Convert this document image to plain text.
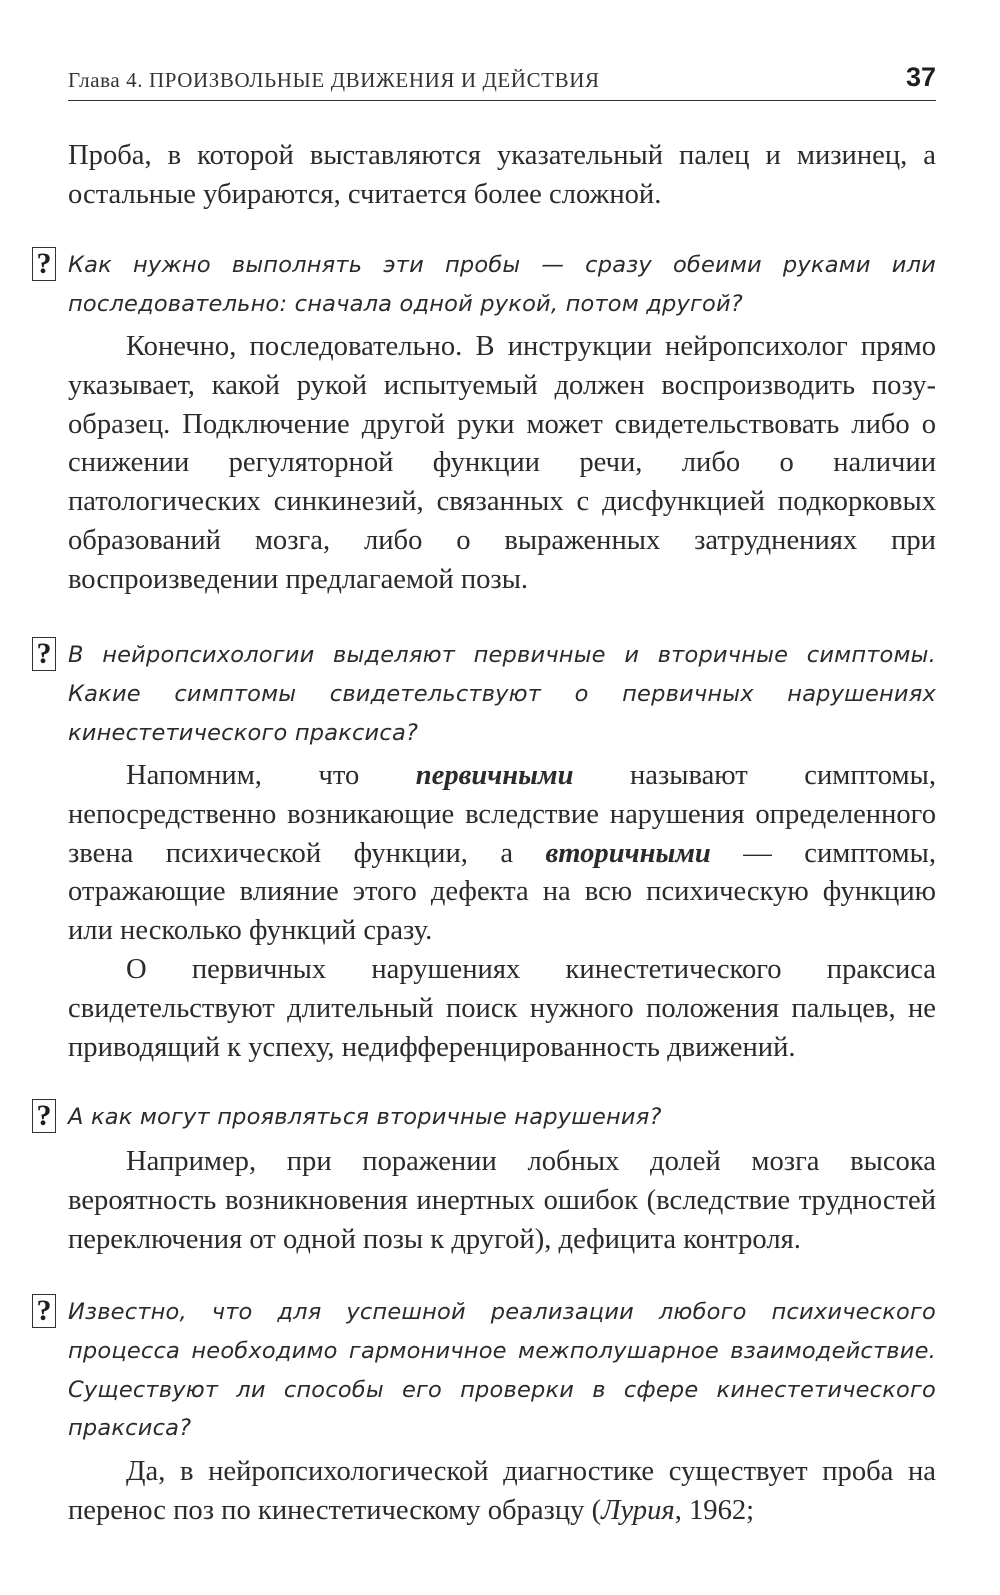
Глава 4. ПРОИЗВОЛЬНЫЕ ДВИЖЕНИЯ И ДЕЙСТВИЯ	37

Проба, в которой выставляются указательный палец и мизинец, а остальные убираются, считается более сложной.

? Как нужно выполнять эти пробы — сразу обеими руками или последовательно: сначала одной рукой, потом другой?

Конечно, последовательно. В инструкции нейропсихолог прямо указывает, какой рукой испытуемый должен воспроизводить позу-образец. Подключение другой руки может свидетельствовать либо о снижении регуляторной функции речи, либо о наличии патологических синкинезий, связанных с дисфункцией подкорковых образований мозга, либо о выраженных затруднениях при воспроизведении предлагаемой позы.

? В нейропсихологии выделяют первичные и вторичные симптомы. Какие симптомы свидетельствуют о первичных нарушениях кинестетического праксиса?

Напомним, что первичными называют симптомы, непосредственно возникающие вследствие нарушения определенного звена психической функции, а вторичными — симптомы, отражающие влияние этого дефекта на всю психическую функцию или несколько функций сразу.

О первичных нарушениях кинестетического праксиса свидетельствуют длительный поиск нужного положения пальцев, не приводящий к успеху, недифференцированность движений.

? А как могут проявляться вторичные нарушения?

Например, при поражении лобных долей мозга высока вероятность возникновения инертных ошибок (вследствие трудностей переключения от одной позы к другой), дефицита контроля.

? Известно, что для успешной реализации любого психического процесса необходимо гармоничное межполушарное взаимодействие. Существуют ли способы его проверки в сфере кинестетического праксиса?

Да, в нейропсихологической диагностике существует проба на перенос поз по кинестетическому образцу (Лурия, 1962;
